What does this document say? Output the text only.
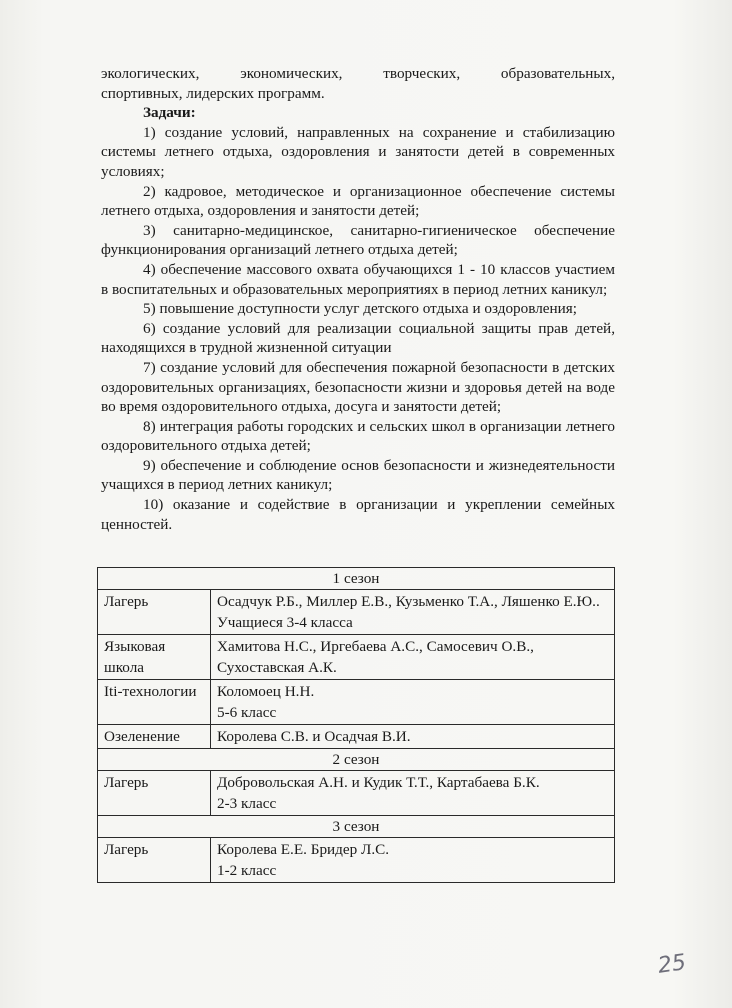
экологических, экономических, творческих, образовательных,

спортивных, лидерских программ.

Задачи:

1) создание условий, направленных на сохранение и стабилизацию системы летнего отдыха, оздоровления и занятости детей в современных условиях;

2) кадровое, методическое и организационное обеспечение системы летнего отдыха, оздоровления и занятости детей;

3) санитарно-медицинское, санитарно-гигиеническое обеспечение функционирования организаций летнего отдыха детей;

4) обеспечение массового охвата обучающихся 1 - 10 классов участием в воспитательных и образовательных мероприятиях в период летних каникул;

5) повышение доступности услуг детского отдыха и оздоровления;

6) создание условий для реализации социальной защиты прав детей, находящихся в трудной жизненной ситуации

7) создание условий для обеспечения пожарной безопасности в детских оздоровительных организациях, безопасности жизни и здоровья детей на воде во время оздоровительного отдыха, досуга и занятости детей;

8) интеграция работы городских и сельских школ в организации летнего оздоровительного отдыха детей;

9) обеспечение и соблюдение основ безопасности и жизнедеятельности учащихся в период летних каникул;

10) оказание и содействие в организации и укреплении семейных ценностей.

1 сезон	
Лагерь	Осадчук Р.Б., Миллер Е.В., Кузьменко Т.А., Ляшенко Е.Ю..
Учащиеся 3-4 класса

Языковая школа	Хамитова Н.С., Иргебаева А.С., Самосевич О.В., Сухоставская А.К.

Iti-технологии	Коломоец Н.Н.
5-6 класс

Озеленение	Королева С.В. и Осадчая В.И.

2 сезон	
Лагерь	Добровольская А.Н. и Кудик Т.Т., Картабаева Б.К.
2-3 класс

3 сезон	
Лагерь	Королева Е.Е. Бридер Л.С.
1-2 класс
25
